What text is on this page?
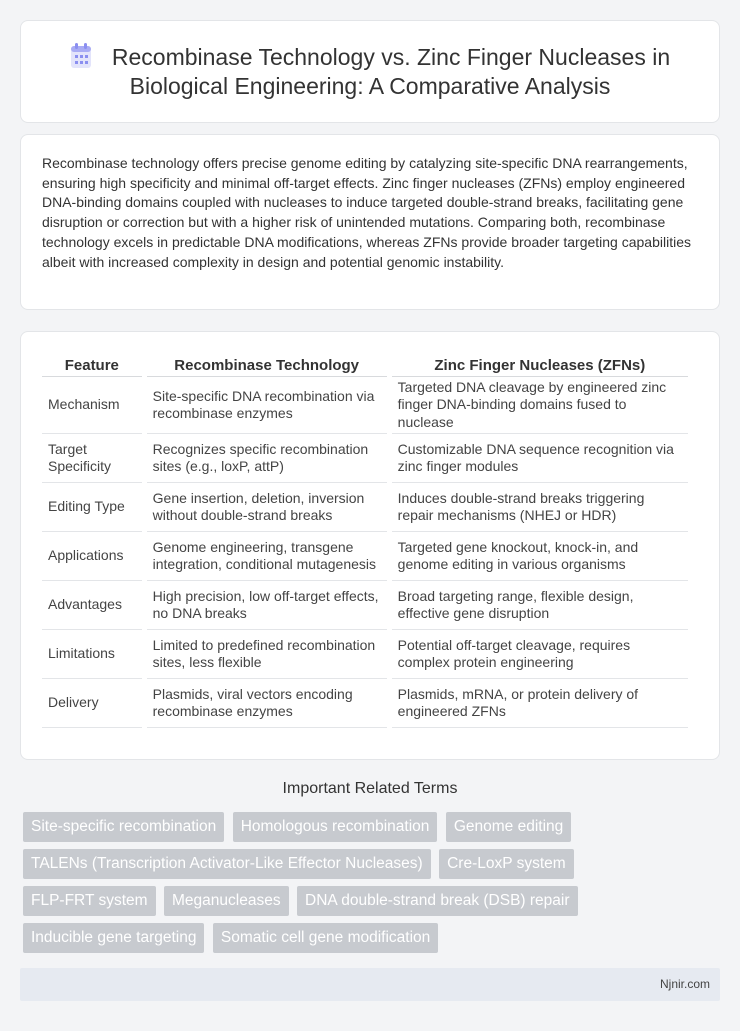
Recombinase Technology vs. Zinc Finger Nucleases in
Biological Engineering: A Comparative Analysis

Recombinase technology offers precise genome editing by catalyzing site-specific DNA rearrangements, ensuring high specificity and minimal off-target effects. Zinc finger nucleases (ZFNs) employ engineered DNA-binding domains coupled with nucleases to induce targeted double-strand breaks, facilitating gene disruption or correction but with a higher risk of unintended mutations. Comparing both, recombinase technology excels in predictable DNA modifications, whereas ZFNs provide broader targeting capabilities albeit with increased complexity in design and potential genomic instability.

Feature	Recombinase Technology	Zinc Finger Nucleases (ZFNs)
Mechanism	Site-specific DNA recombination via recombinase enzymes	Targeted DNA cleavage by engineered zinc finger DNA-binding domains fused to nuclease
Target Specificity	Recognizes specific recombination sites (e.g., loxP, attP)	Customizable DNA sequence recognition via zinc finger modules
Editing Type	Gene insertion, deletion, inversion without double-strand breaks	Induces double-strand breaks triggering repair mechanisms (NHEJ or HDR)
Applications	Genome engineering, transgene integration, conditional mutagenesis	Targeted gene knockout, knock-in, and genome editing in various organisms
Advantages	High precision, low off-target effects, no DNA breaks	Broad targeting range, flexible design, effective gene disruption
Limitations	Limited to predefined recombination sites, less flexible	Potential off-target cleavage, requires complex protein engineering
Delivery	Plasmids, viral vectors encoding recombinase enzymes	Plasmids, mRNA, or protein delivery of engineered ZFNs
Important Related Terms
Site-specific recombination Homologous recombination Genome editing TALENs (Transcription Activator-Like Effector Nucleases) Cre-LoxP system FLP-FRT system Meganucleases DNA double-strand break (DSB) repair Inducible gene targeting Somatic cell gene modification
Njnir.com
